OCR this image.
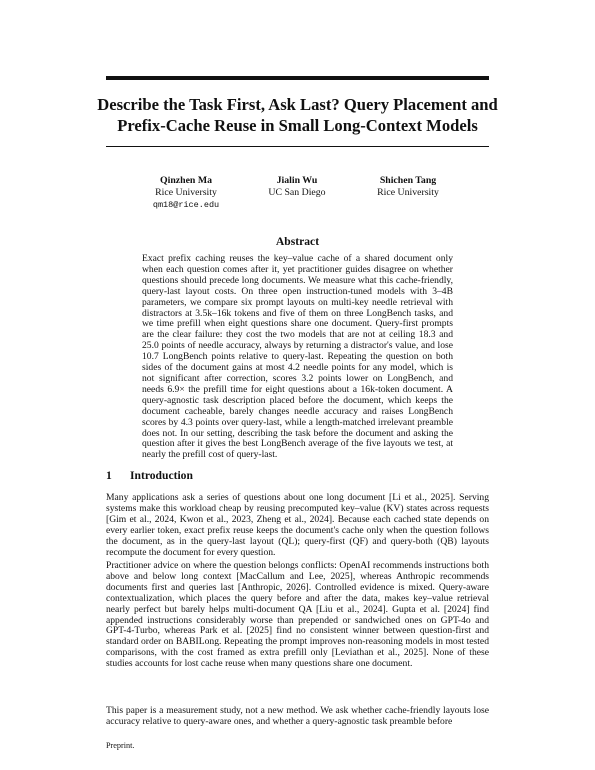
Describe the Task First, Ask Last? Query Placement and Prefix-Cache Reuse in Small Long-Context Models
Qinzhen Ma
Rice University
qm18@rice.edu
Jialin Wu
UC San Diego
Shichen Tang
Rice University
Abstract

Exact prefix caching reuses the key–value cache of a shared document only when each question comes after it, yet practitioner guides disagree on whether questions should precede long documents. We measure what this cache-friendly, query-last layout costs. On three open instruction-tuned models with 3–4B parameters, we compare six prompt layouts on multi-key needle retrieval with distractors at 3.5k–16k tokens and five of them on three LongBench tasks, and we time prefill when eight questions share one document. Query-first prompts are the clear failure: they cost the two models that are not at ceiling 18.3 and 25.0 points of needle accuracy, always by returning a distractor's value, and lose 10.7 LongBench points relative to query-last. Repeating the question on both sides of the document gains at most 4.2 needle points for any model, which is not significant after correction, scores 3.2 points lower on LongBench, and needs 6.9× the prefill time for eight questions about a 16k-token document. A query-agnostic task description placed before the document, which keeps the document cacheable, barely changes needle accuracy and raises LongBench scores by 4.3 points over query-last, while a length-matched irrelevant preamble does not. In our setting, describing the task before the document and asking the question after it gives the best LongBench average of the five layouts we test, at nearly the prefill cost of query-last.

1 Introduction

Many applications ask a series of questions about one long document [Li et al., 2025]. Serving systems make this workload cheap by reusing precomputed key–value (KV) states across requests [Gim et al., 2024, Kwon et al., 2023, Zheng et al., 2024]. Because each cached state depends on every earlier token, exact prefix reuse keeps the document's cache only when the question follows the document, as in the query-last layout (QL); query-first (QF) and query-both (QB) layouts recompute the document for every question.

Practitioner advice on where the question belongs conflicts: OpenAI recommends instructions both above and below long context [MacCallum and Lee, 2025], whereas Anthropic recommends documents first and queries last [Anthropic, 2026]. Controlled evidence is mixed. Query-aware contextualization, which places the query before and after the data, makes key–value retrieval nearly perfect but barely helps multi-document QA [Liu et al., 2024]. Gupta et al. [2024] find appended instructions considerably worse than prepended or sandwiched ones on GPT-4o and GPT-4-Turbo, whereas Park et al. [2025] find no consistent winner between question-first and standard order on BABILong. Repeating the prompt improves non-reasoning models in most tested comparisons, with the cost framed as extra prefill only [Leviathan et al., 2025]. None of these studies accounts for lost cache reuse when many questions share one document.

This paper is a measurement study, not a new method. We ask whether cache-friendly layouts lose accuracy relative to query-aware ones, and whether a query-agnostic task preamble before

Preprint.
